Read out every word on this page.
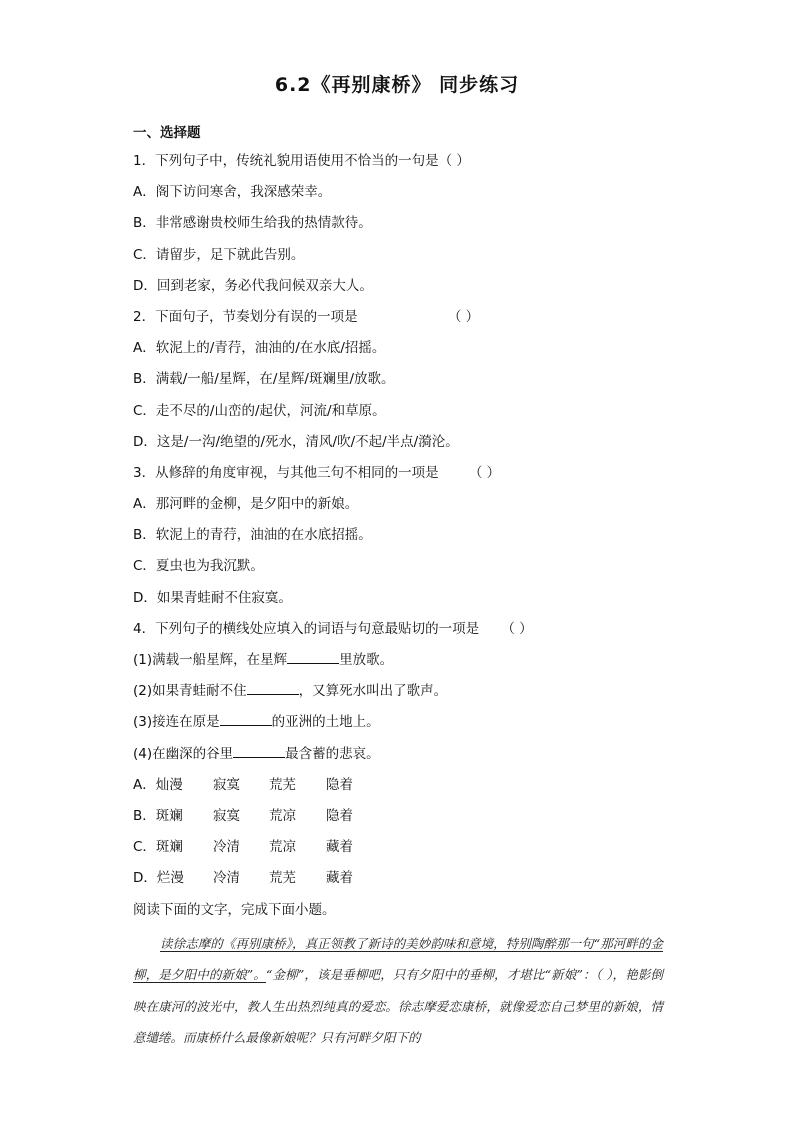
6.2《再别康桥》 同步练习
一、选择题
1．下列句子中，传统礼貌用语使用不恰当的一句是（ ）
A．阁下访问寒舍，我深感荣幸。
B．非常感谢贵校师生给我的热情款待。
C．请留步，足下就此告别。
D．回到老家，务必代我问候双亲大人。
2．下面句子，节奏划分有误的一项是	（ ）
A．软泥上的/青荇，油油的/在水底/招摇。
B．满载/一船/星辉，在/星辉/斑斓里/放歌。
C．走不尽的/山峦的/起伏，河流/和草原。
D．这是/一沟/绝望的/死水，清风/吹/不起/半点/漪沦。
3．从修辞的角度审视，与其他三句不相同的一项是 （ ）
A．那河畔的金柳，是夕阳中的新娘。
B．软泥上的青荇，油油的在水底招摇。
C．夏虫也为我沉默。
D．如果青蛙耐不住寂寞。
4．下列句子的横线处应填入的词语与句意最贴切的一项是 （ ）
(1)满载一船星辉，在星辉	里放歌。
(2)如果青蛙耐不住	，又算死水叫出了歌声。
(3)接连在原是	的亚洲的土地上。
(4)在幽深的谷里	最含蓄的悲哀。
A．灿漫 寂寞 荒芜 隐着
B．斑斓 寂寞 荒凉 隐着
C．斑斓 冷清 荒凉 藏着
D．烂漫 冷清 荒芜 藏着
阅读下面的文字，完成下面小题。
读徐志摩的《再别康桥》，真正领教了新诗的美妙韵味和意境，特别陶醉那一句“那河畔的金柳，是夕阳中的新娘”。“金柳”，该是垂柳吧，只有夕阳中的垂柳，才堪比“新娘”：（ ），艳影倒映在康河的波光中，教人生出热烈纯真的爱恋。徐志摩爱恋康桥，就像爱恋自己梦里的新娘，情意缱绻。而康桥什么最像新娘呢？只有河畔夕阳下的
